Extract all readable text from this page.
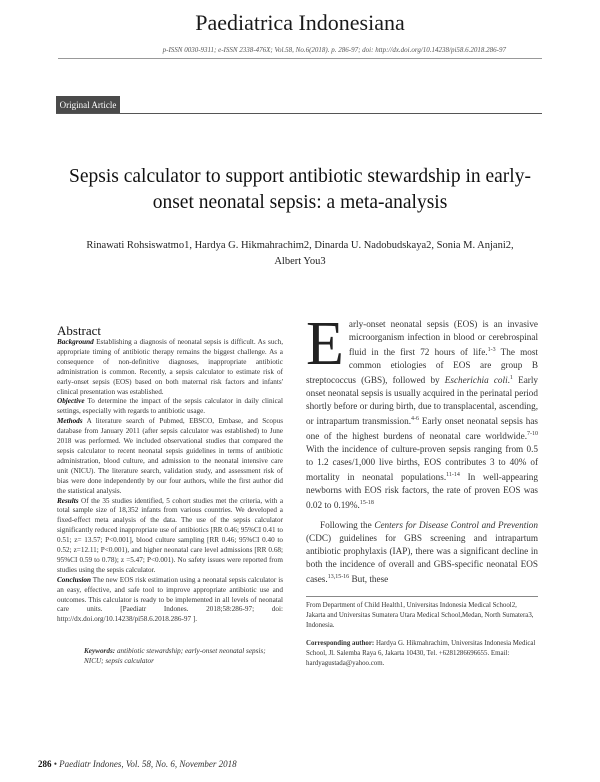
Paediatrica Indonesiana
p-ISSN 0030-9311; e-ISSN 2338-476X; Vol.58, No.6(2018). p. 286-97; doi: http://dx.doi.org/10.14238/pi58.6.2018.286-97
Original Article
Sepsis calculator to support antibiotic stewardship in early-onset neonatal sepsis: a meta-analysis
Rinawati Rohsiswatmo1, Hardya G. Hikmahrachim2, Dinarda U. Nadobudskaya2, Sonia M. Anjani2, Albert You3
Abstract

Background Establishing a diagnosis of neonatal sepsis is difficult. As such, appropriate timing of antibiotic therapy remains the biggest challenge. As a consequence of non-definitive diagnoses, inappropriate antibiotic administration is common. Recently, a sepsis calculator to estimate risk of early-onset sepsis (EOS) based on both maternal risk factors and infants' clinical presentation was established.

Objective To determine the impact of the sepsis calculator in daily clinical settings, especially with regards to antibiotic usage.

Methods A literature search of Pubmed, EBSCO, Embase, and Scopus database from January 2011 (after sepsis calculator was established) to June 2018 was performed. We included observational studies that compared the sepsis calculator to recent neonatal sepsis guidelines in terms of antibiotic administration, blood culture, and admission to the neonatal intensive care unit (NICU). The literature search, validation study, and assessment risk of bias were done independently by our four authors, while the first author did the statistical analysis.

Results Of the 35 studies identified, 5 cohort studies met the criteria, with a total sample size of 18,352 infants from various countries. We developed a fixed-effect meta analysis of the data. The use of the sepsis calculator significantly reduced inappropriate use of antibiotics [RR 0.46; 95%CI 0.41 to 0.51; z= 13.57; P<0.001], blood culture sampling [RR 0.46; 95%CI 0.40 to 0.52; z=12.11; P<0.001), and higher neonatal care level admissions [RR 0.68; 95%CI 0.59 to 0.78); z =5.47; P<0.001). No safety issues were reported from studies using the sepsis calculator.

Conclusion The new EOS risk estimation using a neonatal sepsis calculator is an easy, effective, and safe tool to improve appropriate antibiotic use and outcomes. This calculator is ready to be implemented in all levels of neonatal care units. [Paediatr Indones. 2018;58:286-97; doi: http://dx.doi.org/10.14238/pi58.6.2018.286-97 ].

Keywords: antibiotic stewardship; early-onset neonatal sepsis; NICU; sepsis calculator

Early-onset neonatal sepsis (EOS) is an invasive microorganism infection in blood or cerebrospinal fluid in the first 72 hours of life.$^{1-3}$ The most common etiologies of EOS are group B streptococcus (GBS), followed by Escherichia coli.$^1$ Early onset neonatal sepsis is usually acquired in the perinatal period shortly before or during birth, due to transplacental, ascending, or intrapartum transmission.$^{4-6}$ Early onset neonatal sepsis has one of the highest burdens of neonatal care worldwide.$^{7-10}$ With the incidence of culture-proven sepsis ranging from 0.5 to 1.2 cases/1,000 live births, EOS contributes 3 to 40% of mortality in neonatal populations.$^{11-14}$ In well-appearing newborns with EOS risk factors, the rate of proven EOS was 0.02 to 0.19%.$^{15-18}$

Following the Centers for Disease Control and Prevention (CDC) guidelines for GBS screening and intrapartum antibiotic prophylaxis (IAP), there was a significant decline in both the incidence of overall and GBS-specific neonatal EOS cases.$^{13,15-16}$ But, these

From Department of Child Health1, Universitas Indonesia Medical School2, Jakarta and Universitas Sumatera Utara Medical School,Medan, North Sumatera3, Indonesia.

Corresponding author: Hardya G. Hikmahrachim, Universitas Indonesia Medical School, Jl. Salemba Raya 6, Jakarta 10430, Tel. +6281286696655. Email: hardyagustada@yahoo.com.

286 • Paediatr Indones, Vol. 58, No. 6, November 2018
